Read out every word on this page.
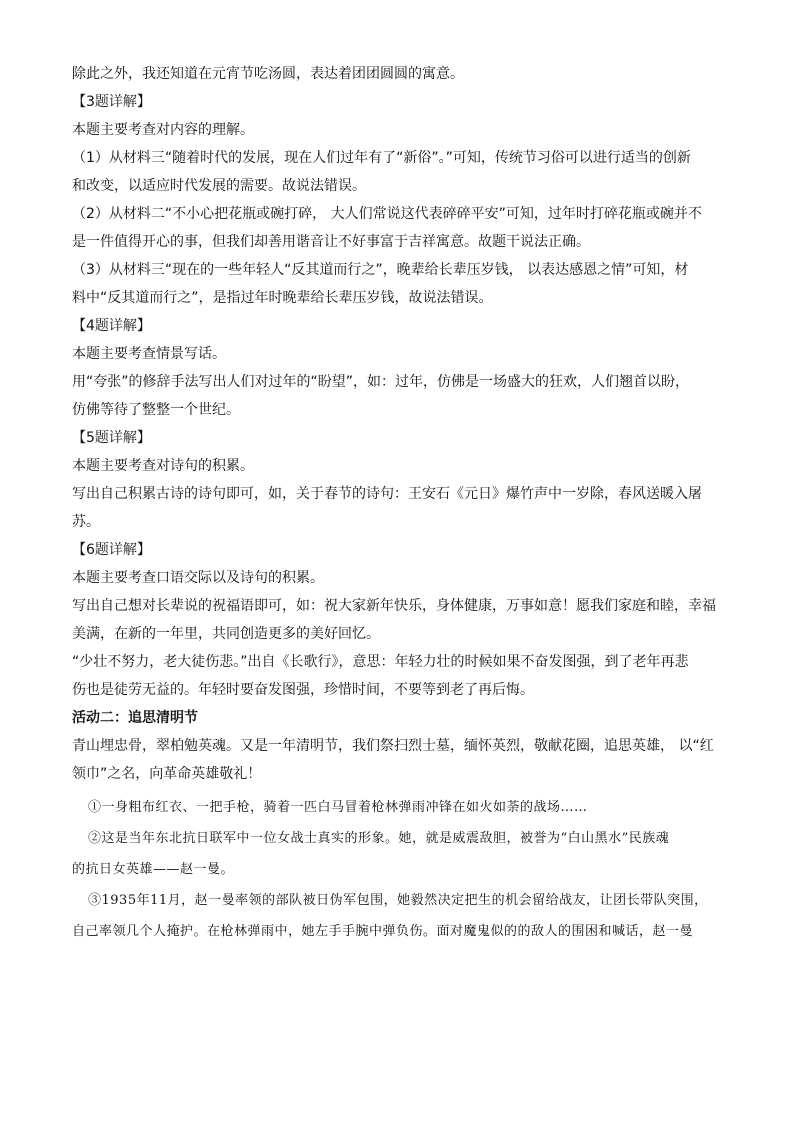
除此之外，我还知道在元宵节吃汤圆，表达着团团圆圆的寓意。
【3题详解】
本题主要考查对内容的理解。
（1）从材料三“随着时代的发展，现在人们过年有了“新俗”。”可知，传统节习俗可以进行适当的创新
和改变，以适应时代发展的需要。故说法错误。
（2）从材料二“不小心把花瓶或碗打碎， 大人们常说这代表碎碎平安”可知，过年时打碎花瓶或碗并不
是一件值得开心的事，但我们却善用谐音让不好事富于吉祥寓意。故题干说法正确。
（3）从材料三“现在的一些年轻人“反其道而行之”，晚辈给长辈压岁钱， 以表达感恩之情”可知，材
料中“反其道而行之”，是指过年时晚辈给长辈压岁钱，故说法错误。
【4题详解】
本题主要考查情景写话。
用“夸张”的修辞手法写出人们对过年的“盼望”，如：过年，仿佛是一场盛大的狂欢，人们翘首以盼，
仿佛等待了整整一个世纪。
【5题详解】
本题主要考查对诗句的积累。
写出自己积累古诗的诗句即可，如，关于春节的诗句：王安石《元日》爆竹声中一岁除，春风送暖入屠
苏。
【6题详解】
本题主要考查口语交际以及诗句的积累。
写出自己想对长辈说的祝福语即可，如：祝大家新年快乐，身体健康，万事如意！愿我们家庭和睦，幸福
美满，在新的一年里，共同创造更多的美好回忆。
“少壮不努力，老大徒伤悲。”出自《长歌行》，意思：年轻力壮的时候如果不奋发图强，到了老年再悲
伤也是徒劳无益的。年轻时要奋发图强，珍惜时间，不要等到老了再后悔。
活动二：追思清明节
青山埋忠骨，翠柏勉英魂。又是一年清明节，我们祭扫烈士墓，缅怀英烈，敬献花圈，追思英雄， 以“红
领巾”之名，向革命英雄敬礼！
①一身粗布红衣、一把手枪，骑着一匹白马冒着枪林弹雨冲锋在如火如荼的战场……
②这是当年东北抗日联军中一位女战士真实的形象。她，就是威震敌胆，被誉为“白山黑水”民族魂
的抗日女英雄——赵一曼。
③1935年11月，赵一曼率领的部队被日伪军包围，她毅然决定把生的机会留给战友，让团长带队突围，
自己率领几个人掩护。在枪林弹雨中，她左手手腕中弹负伤。面对魔鬼似的的敌人的围困和喊话，赵一曼
